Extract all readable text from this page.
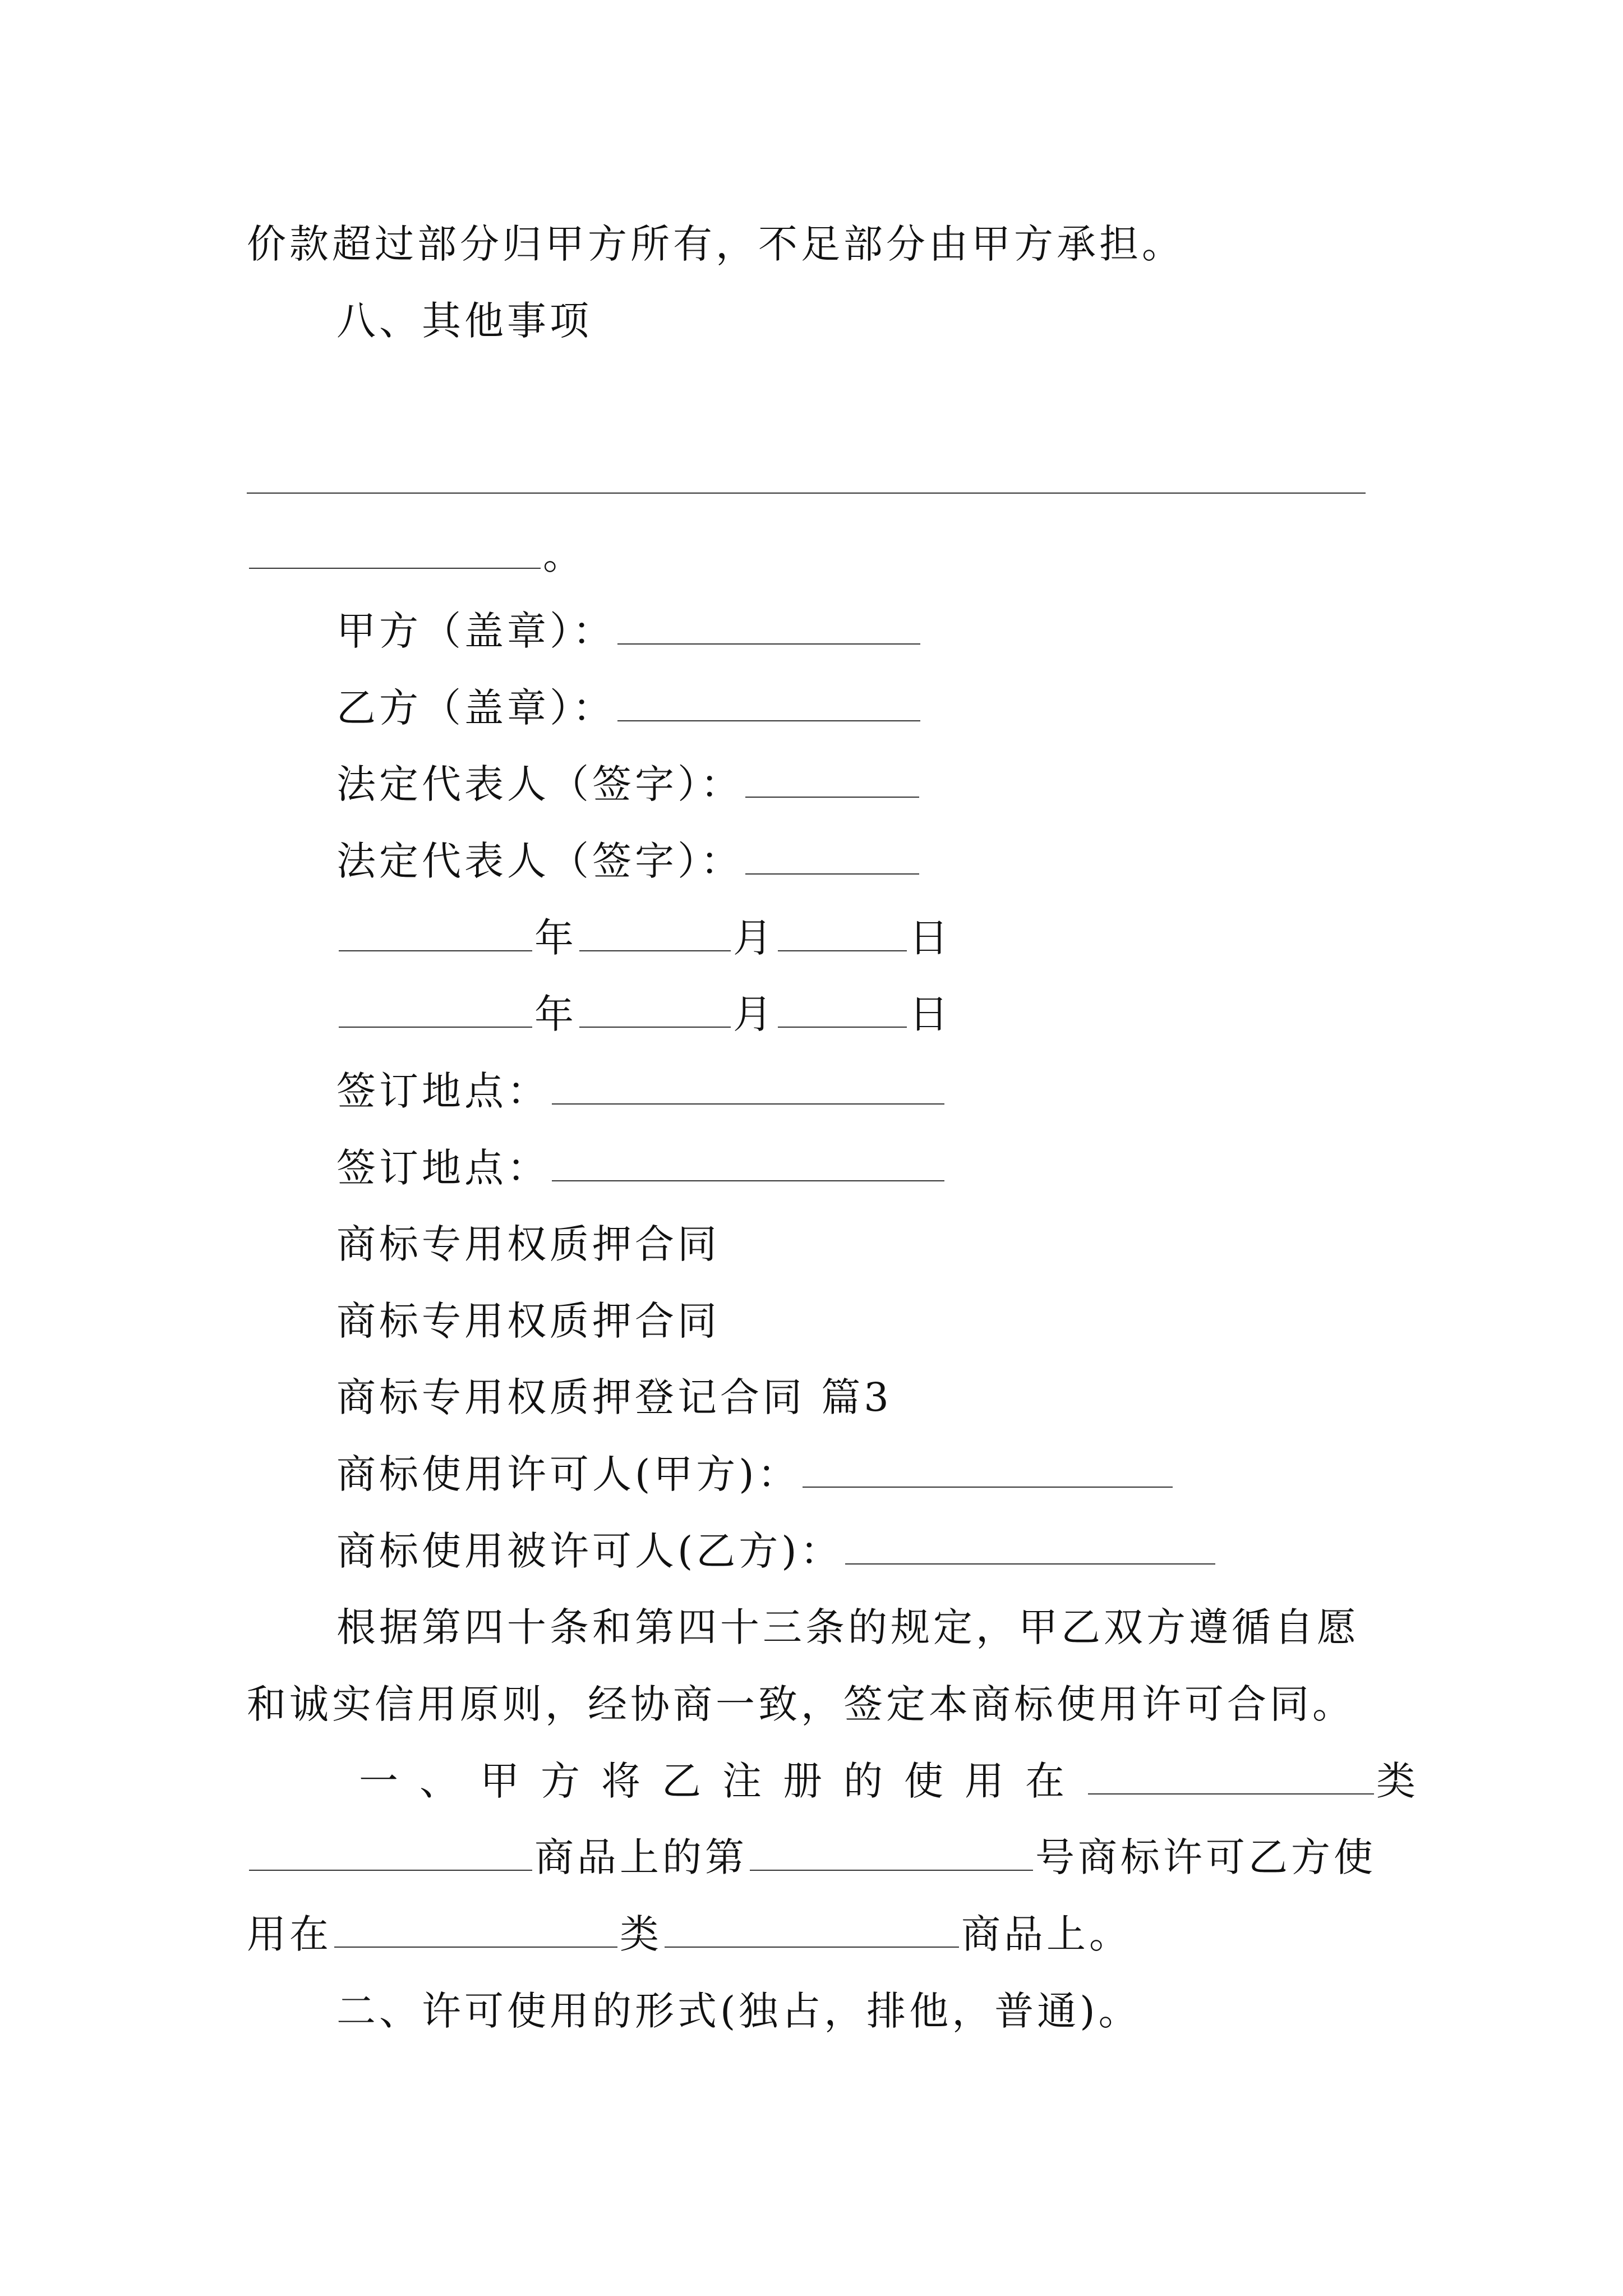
价款超过部分归甲方所有，不足部分由甲方承担。
八、其他事项
。
甲方（盖章）：
乙方（盖章）：
法定代表人（签字）：
法定代表人（签字）：
年	月	日
年	月	日
签订地点：
签订地点：
商标专用权质押合同
商标专用权质押合同
商标专用权质押登记合同 篇3
商标使用许可人(甲方)：
商标使用被许可人(乙方)：
根据第四十条和第四十三条的规定，甲乙双方遵循自愿
和诚实信用原则，经协商一致，签定本商标使用许可合同。
一、甲方将乙注册的使用在	类
商品上的第	号商标许可乙方使
用在	类	商品上。
二、许可使用的形式(独占，排他，普通)。
